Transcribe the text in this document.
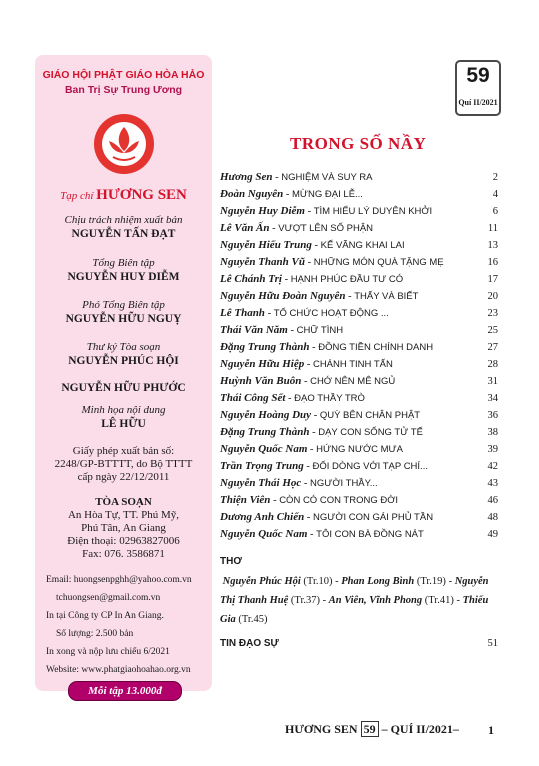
GIÁO HỘI PHẬT GIÁO HÒA HẢO
Ban Trị Sự Trung Ương
Tạp chí HƯƠNG SEN
Chịu trách nhiệm xuất bản
NGUYỄN TẤN ĐẠT
Tổng Biên tập
NGUYỄN HUY DIỄM
Phó Tổng Biên tập
NGUYỄN HỮU NGUỴ
Thư ký Tòa soạn
NGUYỄN PHÚC HỘI
NGUYỄN HỮU PHƯỚC
Minh họa nội dung
LÊ HỮU
Giấy phép xuất bản số:
2248/GP-BTTTT, do Bộ TTTT
cấp ngày 22/12/2011
TÒA SOẠN
An Hòa Tự, TT. Phú Mỹ,
Phú Tân, An Giang
Điện thoại: 02963827006
Fax: 076. 3586871
Email: huongsenpghh@yahoo.com.vn
tchuongsen@gmail.com.vn
In tại Công ty CP In An Giang.
Số lượng: 2.500 bản
In xong và nộp lưu chiểu 6/2021
Website: www.phatgiaohoahao.org.vn
Mỗi tập 13.000đ
59
Quí II/2021
TRONG SỐ NẦY
Hương Sen - NGHIỆM VÀ SUY RA	2
Đoàn Nguyên - MỪNG ĐẠI LỄ...	4
Nguyễn Huy Diễm - TÌM HIỂU LÝ DUYÊN KHỞI	6
Lê Văn Ấn - VƯỢT LÊN SỐ PHẬN	11
Nguyễn Hiếu Trung - KẾ VÃNG KHAI LAI	13
Nguyễn Thanh Vũ - NHỮNG MÓN QUÀ TẶNG MẸ	16
Lê Chánh Trị - HẠNH PHÚC ĐẦU TƯ CÓ	17
Nguyễn Hữu Đoàn Nguyên - THẤY VÀ BIẾT	20
Lê Thanh - TỔ CHỨC HOẠT ĐỘNG ...	23
Thái Văn Năm - CHỮ TÌNH	25
Đặng Trung Thành - ĐỒNG TIỀN CHÍNH DANH	27
Nguyễn Hữu Hiệp - CHÁNH TINH TẤN	28
Huỳnh Văn Buôn - CHỚ NÊN MÊ NGỦ	31
Thái Công Sết - ĐẠO THẦY TRÒ	34
Nguyễn Hoàng Duy - QUỲ BÊN CHÂN PHẬT	36
Đặng Trung Thành - DẠY CON SỐNG TỬ TẾ	38
Nguyễn Quốc Nam - HỨNG NƯỚC MƯA	39
Trần Trọng Trung - ĐỔI DÒNG VỚI TẠP CHÍ...	42
Nguyễn Thái Học - NGƯỜI THẦY...	43
Thiện Viên - CÒN CÓ CON TRONG ĐỜI	46
Dương Anh Chiến - NGƯỜI CON GÁI PHỦ TẦN	48
Nguyễn Quốc Nam - TÔI CON BÀ ĐỒNG NÁT	49
THƠ
Nguyễn Phúc Hội (Tr.10) - Phan Long Bình (Tr.19) - Nguyễn Thị Thanh Huệ (Tr.37) - An Viên, Vĩnh Phong (Tr.41) - Thiếu Gia (Tr.45)
TIN ĐẠO SỰ	51
HƯƠNG SEN 59 – QUÍ II/2021– 1
